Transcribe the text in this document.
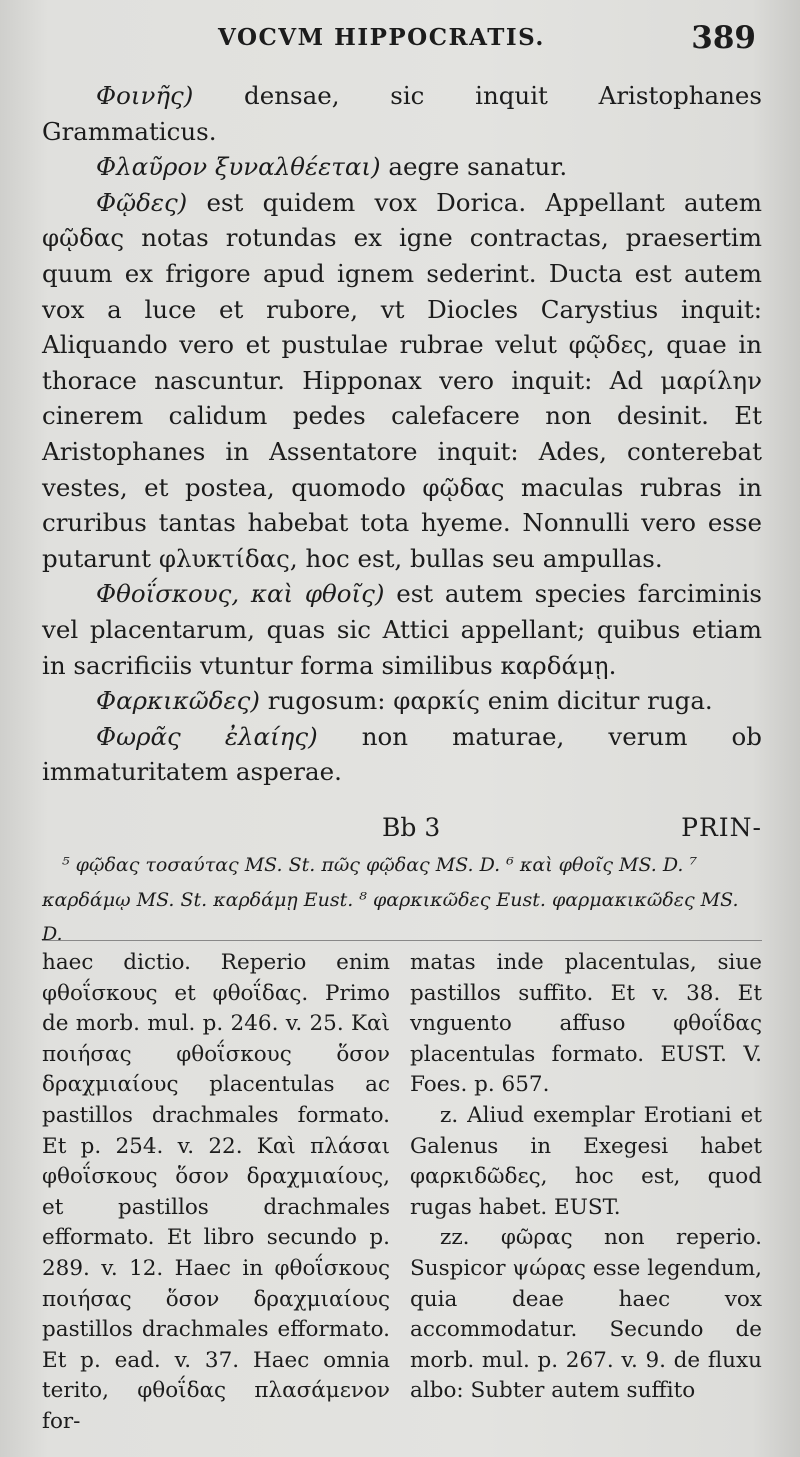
VOCVM HIPPOCRATIS.	389

Φοινῆς) densae, sic inquit Aristophanes Grammaticus.

Φλαῦρον ξυναλθέεται) aegre sanatur.

Φῷδες) est quidem vox Dorica. Appellant autem φῷδας notas rotundas ex igne contractas, praesertim quum ex frigore apud ignem sederint. Ducta est autem vox a luce et rubore, vt Diocles Carystius inquit: Aliquando vero et pustulae rubrae velut φῷδες, quae in thorace nascuntur. Hipponax vero inquit: Ad μαρίλην cinerem calidum pedes calefacere non desinit. Et Aristophanes in Assentatore inquit: Ades, conterebat vestes, et postea, quomodo φῷδας maculas rubras in cruribus tantas habebat tota hyeme. Nonnulli vero esse putarunt φλυκτίδας, hoc est, bullas seu ampullas.

Φθοΐσκους, καὶ φθοῖς) est autem species farciminis vel placentarum, quas sic Attici appellant; quibus etiam in sacrificiis vtuntur forma similibus καρδάμῃ.

Φαρκικῶδες) rugosum: φαρκίς enim dicitur ruga.

Φωρᾶς ἐλαίης) non maturae, verum ob immaturitatem asperae.

Bb 3	PRIN-

⁵ φῷδας τοσαύτας MS. St. πῶς φῷδας MS. D. ⁶ καὶ φθοῖς MS. D. ⁷ καρδάμῳ MS. St. καρδάμῃ Eust. ⁸ φαρκικῶδες Eust. φαρμακικῶδες MS. D.

haec dictio. Reperio enim φθοΐσκους et φθοΐδας. Primo de morb. mul. p. 246. v. 25. Καὶ ποιήσας φθοΐσκους ὅσον δραχμιαίους placentulas ac pastillos drachmales formato. Et p. 254. v. 22. Καὶ πλάσαι φθοΐσκους ὅσον δραχμιαίους, et pastillos drachmales efformato. Et libro secundo p. 289. v. 12. Haec in φθοΐσκους ποιήσας ὅσον δραχμιαίους pastillos drachmales efformato. Et p. ead. v. 37. Haec omnia terito, φθοΐδας πλασάμενον for-

matas inde placentulas, siue pastillos suffito. Et v. 38. Et vnguento affuso φθοΐδας placentulas formato. EUST. V. Foes. p. 657.

z. Aliud exemplar Erotiani et Galenus in Exegesi habet φαρκιδῶδες, hoc est, quod rugas habet. EUST.

zz. φῶρας non reperio. Suspicor ψώρας esse legendum, quia deae haec vox accommodatur. Secundo de morb. mul. p. 267. v. 9. de fluxu albo: Subter autem suffito
